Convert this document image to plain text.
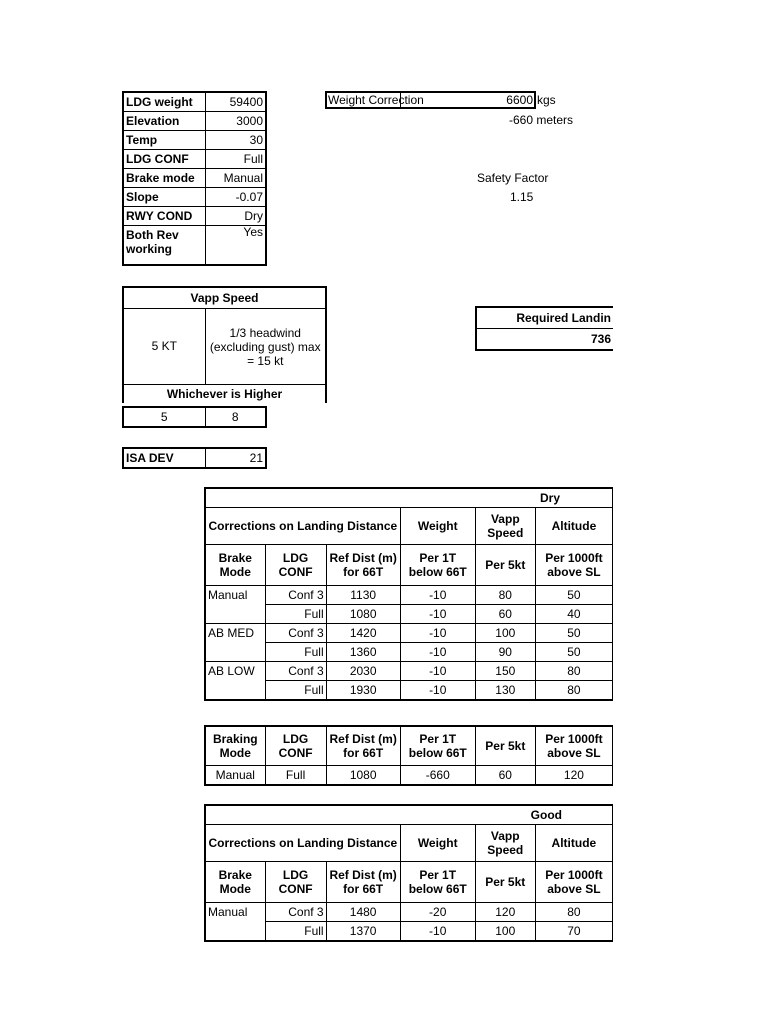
LDG weight	59400
Elevation	3000
Temp	30
LDG CONF	Full
Brake mode	Manual
Slope	-0.07
RWY COND	Dry
Both Rev working	Yes
Weight Correction	6600 kgs
-660 meters
Safety Factor
1.15
Vapp Speed
5 KT	1/3 headwind (excluding gust) max = 15 kt
Whichever is Higher
5	8
ISA DEV	21
Required Landin
736
Dry					
Corrections on Landing Distance			Weight	Vapp Speed	Altitude
Brake Mode	LDG CONF	Ref Dist (m) for 66T	Per 1T below 66T	Per 5kt	Per 1000ft above SL
Manual	Conf 3	1130	-10	80	50
	Full	1080	-10	60	40
AB MED	Conf 3	1420	-10	100	50
	Full	1360	-10	90	50
AB LOW	Conf 3	2030	-10	150	80
	Full	1930	-10	130	80
Braking Mode	LDG CONF	Ref Dist (m) for 66T	Per 1T below 66T	Per 5kt	Per 1000ft above SL
Manual	Full	1080	-660	60	120
Good					
Corrections on Landing Distance			Weight	Vapp Speed	Altitude
Brake Mode	LDG CONF	Ref Dist (m) for 66T	Per 1T below 66T	Per 5kt	Per 1000ft above SL
Manual	Conf 3	1480	-20	120	80
	Full	1370	-10	100	70
